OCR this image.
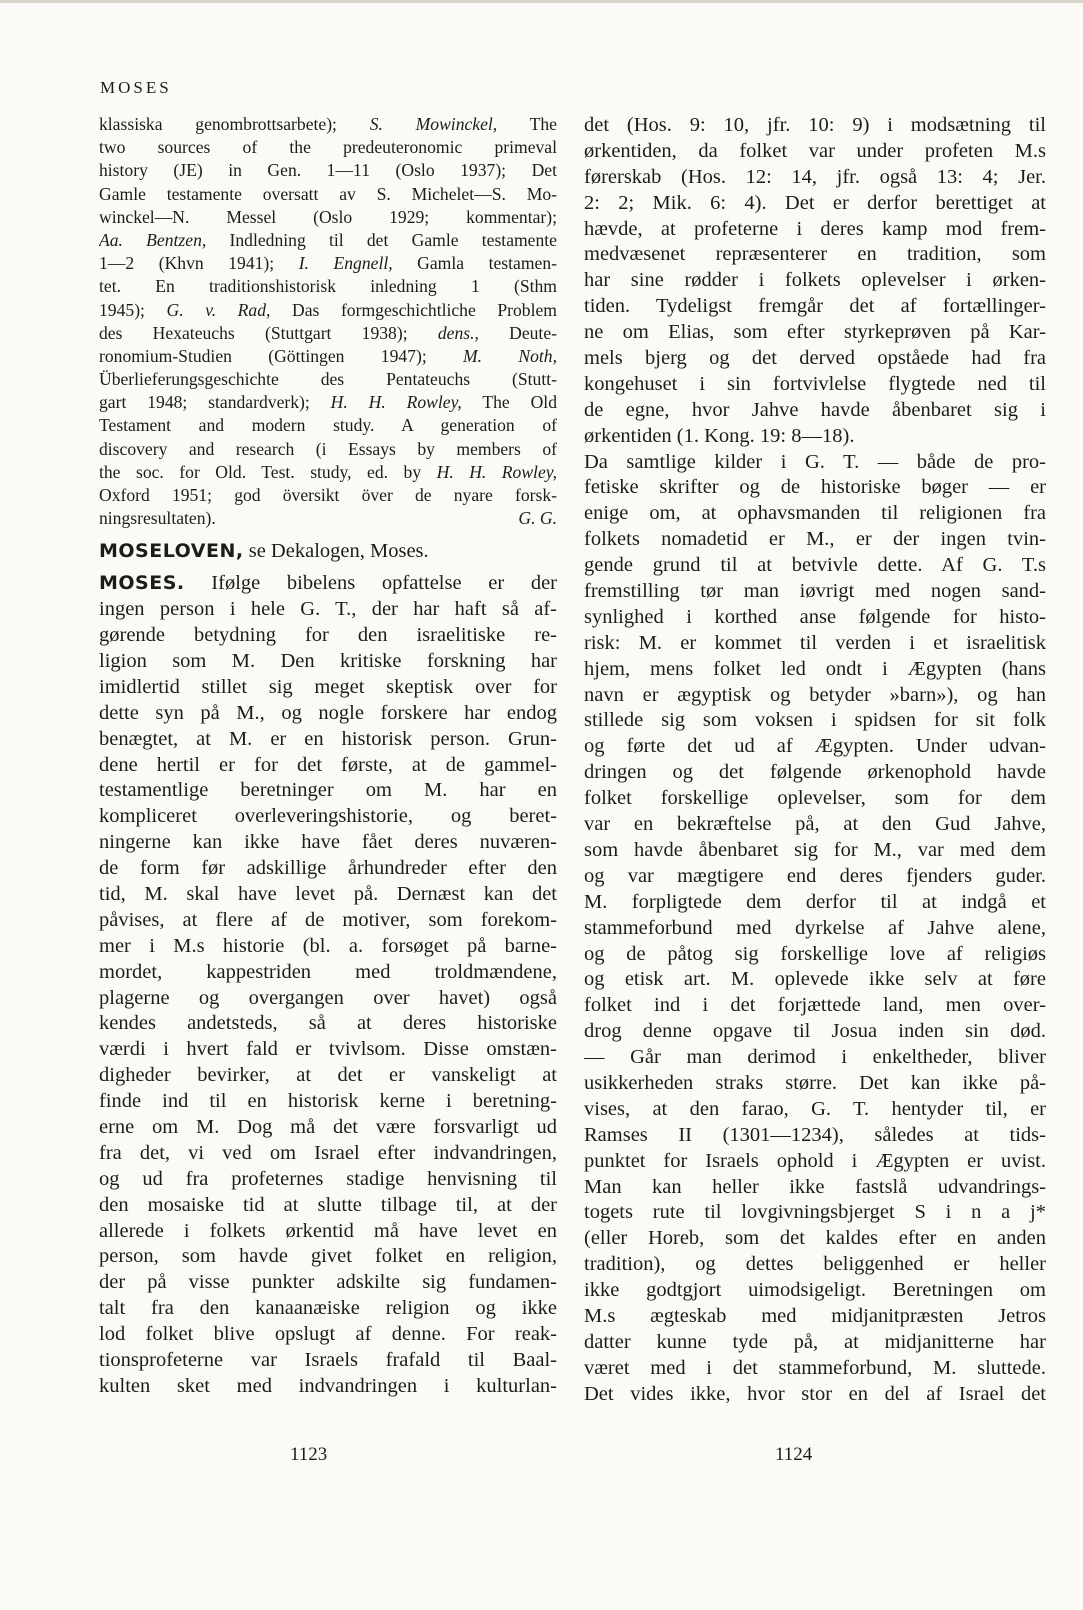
MOSES
klassiska genombrottsarbete); S. Mowinckel, The
two sources of the predeuteronomic primeval
history (JE) in Gen. 1—11 (Oslo 1937); Det
Gamle testamente oversatt av S. Michelet—S. Mo-
winckel—N. Messel (Oslo 1929; kommentar);
Aa. Bentzen, Indledning til det Gamle testamente
1—2 (Khvn 1941); I. Engnell, Gamla testamen-
tet. En traditionshistorisk inledning 1 (Sthm
1945); G. v. Rad, Das formgeschichtliche Problem
des Hexateuchs (Stuttgart 1938); dens., Deute-
ronomium-Studien (Göttingen 1947); M. Noth,
Überlieferungsgeschichte des Pentateuchs (Stutt-
gart 1948; standardverk); H. H. Rowley, The Old
Testament and modern study. A generation of
discovery and research (i Essays by members of
the soc. for Old. Test. study, ed. by H. H. Rowley,
Oxford 1951; god översikt över de nyare forsk-
ningsresultaten).	G. G.
MOSELOVEN, se Dekalogen, Moses.
MOSES. Ifølge bibelens opfattelse er der
ingen person i hele G. T., der har haft så af-
gørende betydning for den israelitiske re-
ligion som M. Den kritiske forskning har
imidlertid stillet sig meget skeptisk over for
dette syn på M., og nogle forskere har endog
benægtet, at M. er en historisk person. Grun-
dene hertil er for det første, at de gammel-
testamentlige beretninger om M. har en
kompliceret overleveringshistorie, og beret-
ningerne kan ikke have fået deres nuværen-
de form før adskillige århundreder efter den
tid, M. skal have levet på. Dernæst kan det
påvises, at flere af de motiver, som forekom-
mer i M.s historie (bl. a. forsøget på barne-
mordet, kappestriden med troldmændene,
plagerne og overgangen over havet) også
kendes andetsteds, så at deres historiske
værdi i hvert fald er tvivlsom. Disse omstæn-
digheder bevirker, at det er vanskeligt at
finde ind til en historisk kerne i beretning-
erne om M. Dog må det være forsvarligt ud
fra det, vi ved om Israel efter indvandringen,
og ud fra profeternes stadige henvisning til
den mosaiske tid at slutte tilbage til, at der
allerede i folkets ørkentid må have levet en
person, som havde givet folket en religion,
der på visse punkter adskilte sig fundamen-
talt fra den kanaanæiske religion og ikke
lod folket blive opslugt af denne. For reak-
tionsprofeterne var Israels frafald til Baal-
kulten sket med indvandringen i kulturlan-
det (Hos. 9: 10, jfr. 10: 9) i modsætning til
ørkentiden, da folket var under profeten M.s
førerskab (Hos. 12: 14, jfr. også 13: 4; Jer.
2: 2; Mik. 6: 4). Det er derfor berettiget at
hævde, at profeterne i deres kamp mod frem-
medvæsenet repræsenterer en tradition, som
har sine rødder i folkets oplevelser i ørken-
tiden. Tydeligst fremgår det af fortællinger-
ne om Elias, som efter styrkeprøven på Kar-
mels bjerg og det derved opståede had fra
kongehuset i sin fortvivlelse flygtede ned til
de egne, hvor Jahve havde åbenbaret sig i
ørkentiden (1. Kong. 19: 8—18).
Da samtlige kilder i G. T. — både de pro-
fetiske skrifter og de historiske bøger — er
enige om, at ophavsmanden til religionen fra
folkets nomadetid er M., er der ingen tvin-
gende grund til at betvivle dette. Af G. T.s
fremstilling tør man iøvrigt med nogen sand-
synlighed i korthed anse følgende for histo-
risk: M. er kommet til verden i et israelitisk
hjem, mens folket led ondt i Ægypten (hans
navn er ægyptisk og betyder »barn»), og han
stillede sig som voksen i spidsen for sit folk
og førte det ud af Ægypten. Under udvan-
dringen og det følgende ørkenophold havde
folket forskellige oplevelser, som for dem
var en bekræftelse på, at den Gud Jahve,
som havde åbenbaret sig for M., var med dem
og var mægtigere end deres fjenders guder.
M. forpligtede dem derfor til at indgå et
stammeforbund med dyrkelse af Jahve alene,
og de påtog sig forskellige love af religiøs
og etisk art. M. oplevede ikke selv at føre
folket ind i det forjættede land, men over-
drog denne opgave til Josua inden sin død.
— Går man derimod i enkeltheder, bliver
usikkerheden straks større. Det kan ikke på-
vises, at den farao, G. T. hentyder til, er
Ramses II (1301—1234), således at tids-
punktet for Israels ophold i Ægypten er uvist.
Man kan heller ikke fastslå udvandrings-
togets rute til lovgivningsbjerget S i n a j*
(eller Horeb, som det kaldes efter en anden
tradition), og dettes beliggenhed er heller
ikke godtgjort uimodsigeligt. Beretningen om
M.s ægteskab med midjanitpræsten Jetros
datter kunne tyde på, at midjanitterne har
været med i det stammeforbund, M. sluttede.
Det vides ikke, hvor stor en del af Israel det
1123	1124
